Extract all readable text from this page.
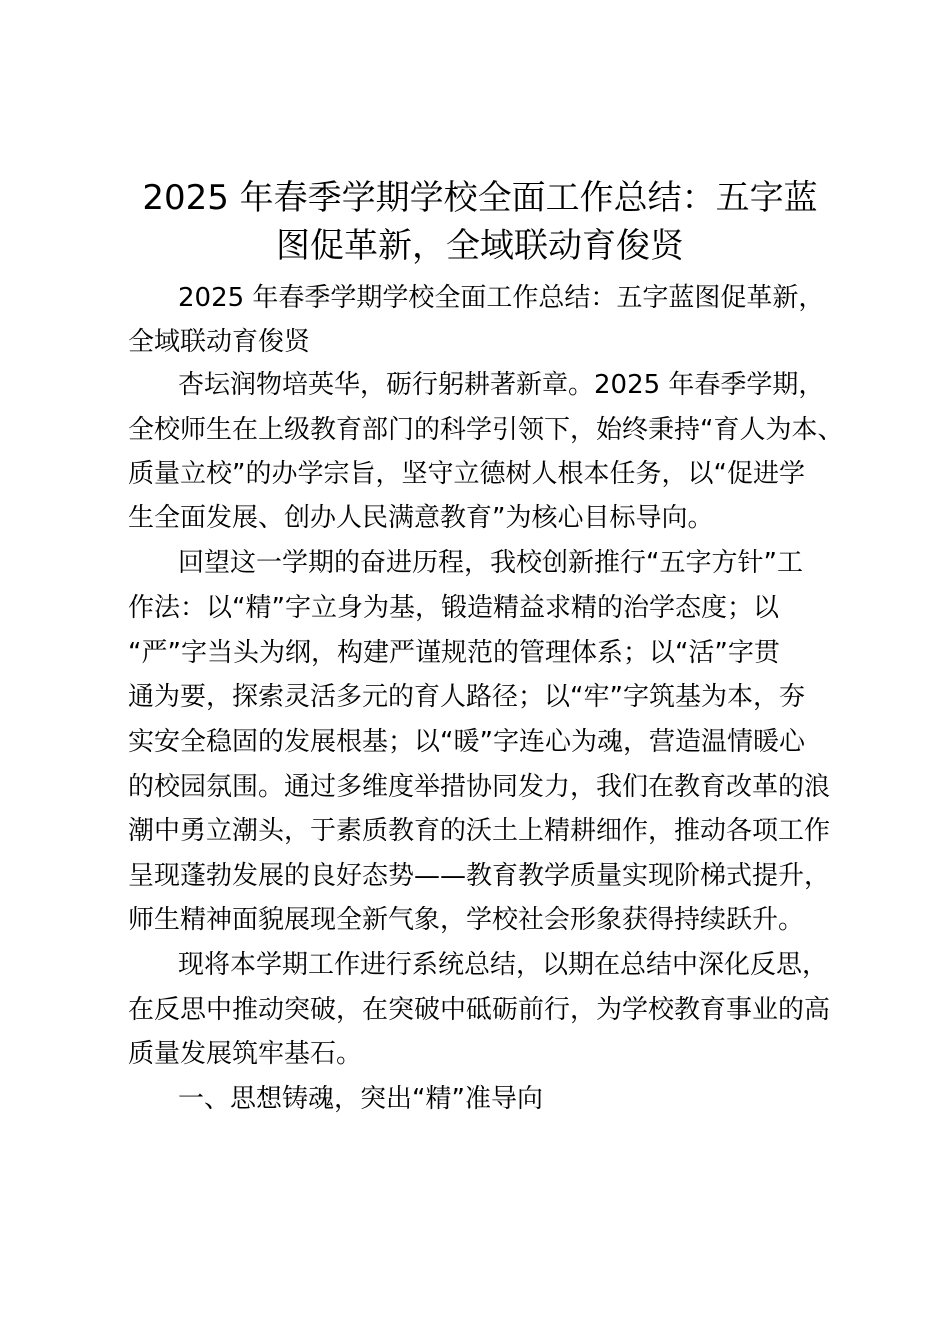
2025 年春季学期学校全面工作总结：五字蓝
图促革新，全域联动育俊贤

2025 年春季学期学校全面工作总结：五字蓝图促革新，

全域联动育俊贤

杏坛润物培英华，砺行躬耕著新章。2025 年春季学期，

全校师生在上级教育部门的科学引领下，始终秉持“育人为本、

质量立校”的办学宗旨，坚守立德树人根本任务，以“促进学

生全面发展、创办人民满意教育”为核心目标导向。

回望这一学期的奋进历程，我校创新推行“五字方针”工

作法：以“精”字立身为基，锻造精益求精的治学态度；以

“严”字当头为纲，构建严谨规范的管理体系；以“活”字贯

通为要，探索灵活多元的育人路径；以“牢”字筑基为本，夯

实安全稳固的发展根基；以“暖”字连心为魂，营造温情暖心

的校园氛围。通过多维度举措协同发力，我们在教育改革的浪

潮中勇立潮头，于素质教育的沃土上精耕细作，推动各项工作

呈现蓬勃发展的良好态势——教育教学质量实现阶梯式提升，

师生精神面貌展现全新气象，学校社会形象获得持续跃升。

现将本学期工作进行系统总结，以期在总结中深化反思，

在反思中推动突破，在突破中砥砺前行，为学校教育事业的高

质量发展筑牢基石。

一、思想铸魂，突出“精”准导向
